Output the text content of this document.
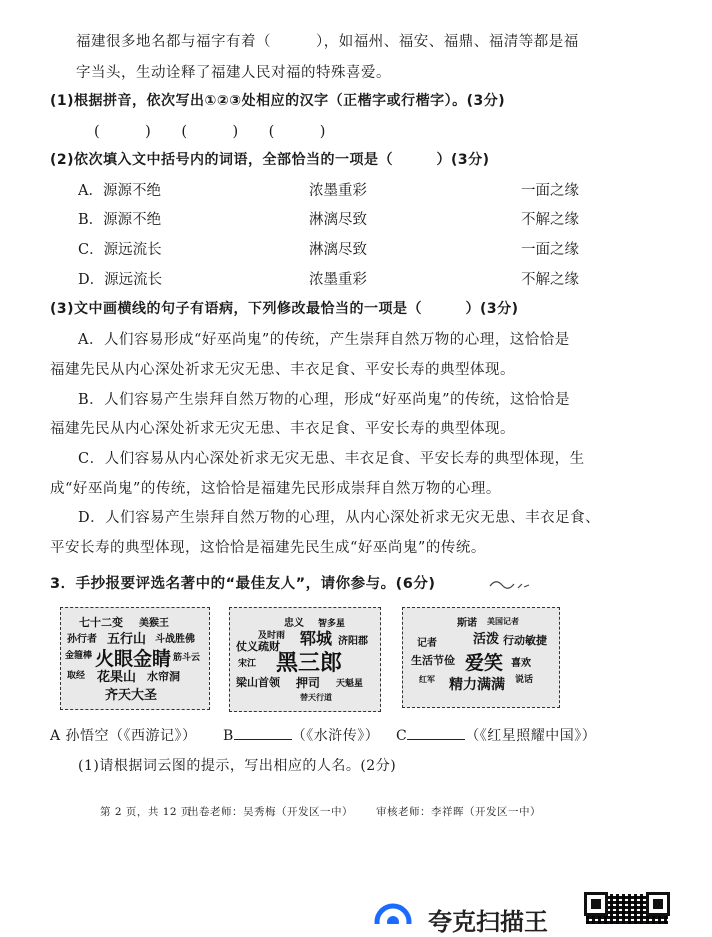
福建很多地名都与福字有着（　　　），如福州、福安、福鼎、福清等都是福
字当头，生动诠释了福建人民对福的特殊喜爱。
(1)根据拼音，依次写出①②③处相应的汉字（正楷字或行楷字）。(3分)
(　　　)　　(　　　)　　(　　　)
(2)依次填入文中括号内的词语，全部恰当的一项是（　　　）(3分)
A．源源不绝	浓墨重彩	一面之缘
B．源源不绝	淋漓尽致	不解之缘
C．源远流长	淋漓尽致	一面之缘
D．源远流长	浓墨重彩	不解之缘
(3)文中画横线的句子有语病，下列修改最恰当的一项是（　　　）(3分)
A．人们容易形成“好巫尚鬼”的传统，产生崇拜自然万物的心理，这恰恰是
福建先民从内心深处祈求无灾无患、丰衣足食、平安长寿的典型体现。
B．人们容易产生崇拜自然万物的心理，形成“好巫尚鬼”的传统，这恰恰是
福建先民从内心深处祈求无灾无患、丰衣足食、平安长寿的典型体现。
C．人们容易从内心深处祈求无灾无患、丰衣足食、平安长寿的典型体现，生
成“好巫尚鬼”的传统，这恰恰是福建先民形成崇拜自然万物的心理。
D．人们容易产生崇拜自然万物的心理，从内心深处祈求无灾无患、丰衣足食、
平安长寿的典型体现，这恰恰是福建先民生成“好巫尚鬼”的传统。
3．手抄报要评选名著中的“最佳友人”，请你参与。(6分)
七十二变 美猴王
孙行者 五行山 斗战胜佛
金箍棒 火眼金睛 筋斗云
取经 花果山 水帘洞
齐天大圣
忠义 智多星
及时雨 郓城 济阳郡
仗义疏财
黑三郎
宋江
梁山首领 押司 天魁星
替天行道
斯诺 美国记者
活泼
记者	行动敏捷
生活节俭 爱笑 喜欢
精力满满 说话
红军
A 孙悟空（《西游记》） B	（《水浒传》） C	（《红星照耀中国》）
(1)请根据词云图的提示，写出相应的人名。(2分)
第 2 页，共 12 页
出卷老师：吴秀梅（开发区一中） 审核老师：李祥晖（开发区一中）
夸克扫描王
